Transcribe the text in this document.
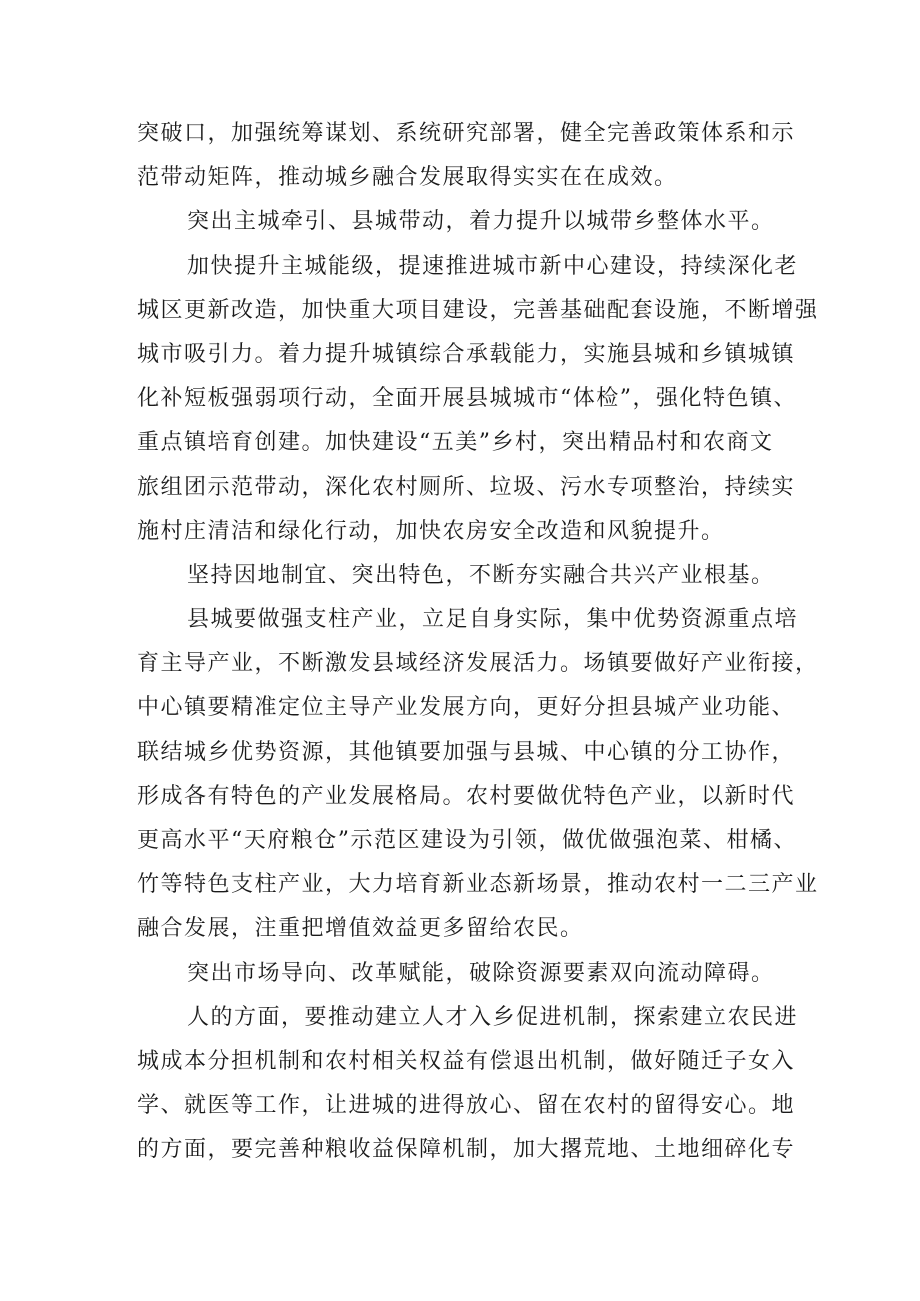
突破口，加强统筹谋划、系统研究部署，健全完善政策体系和示
范带动矩阵，推动城乡融合发展取得实实在在成效。
突出主城牵引、县城带动，着力提升以城带乡整体水平。
加快提升主城能级，提速推进城市新中心建设，持续深化老
城区更新改造，加快重大项目建设，完善基础配套设施，不断增强
城市吸引力。着力提升城镇综合承载能力，实施县城和乡镇城镇
化补短板强弱项行动，全面开展县城城市“体检”，强化特色镇、
重点镇培育创建。加快建设“五美”乡村，突出精品村和农商文
旅组团示范带动，深化农村厕所、垃圾、污水专项整治，持续实
施村庄清洁和绿化行动，加快农房安全改造和风貌提升。
坚持因地制宜、突出特色，不断夯实融合共兴产业根基。
县城要做强支柱产业，立足自身实际，集中优势资源重点培
育主导产业，不断激发县域经济发展活力。场镇要做好产业衔接，
中心镇要精准定位主导产业发展方向，更好分担县城产业功能、
联结城乡优势资源，其他镇要加强与县城、中心镇的分工协作，
形成各有特色的产业发展格局。农村要做优特色产业，以新时代
更高水平“天府粮仓”示范区建设为引领，做优做强泡菜、柑橘、
竹等特色支柱产业，大力培育新业态新场景，推动农村一二三产业
融合发展，注重把增值效益更多留给农民。
突出市场导向、改革赋能，破除资源要素双向流动障碍。
人的方面，要推动建立人才入乡促进机制，探索建立农民进
城成本分担机制和农村相关权益有偿退出机制，做好随迁子女入
学、就医等工作，让进城的进得放心、留在农村的留得安心。地
的方面，要完善种粮收益保障机制，加大撂荒地、土地细碎化专
